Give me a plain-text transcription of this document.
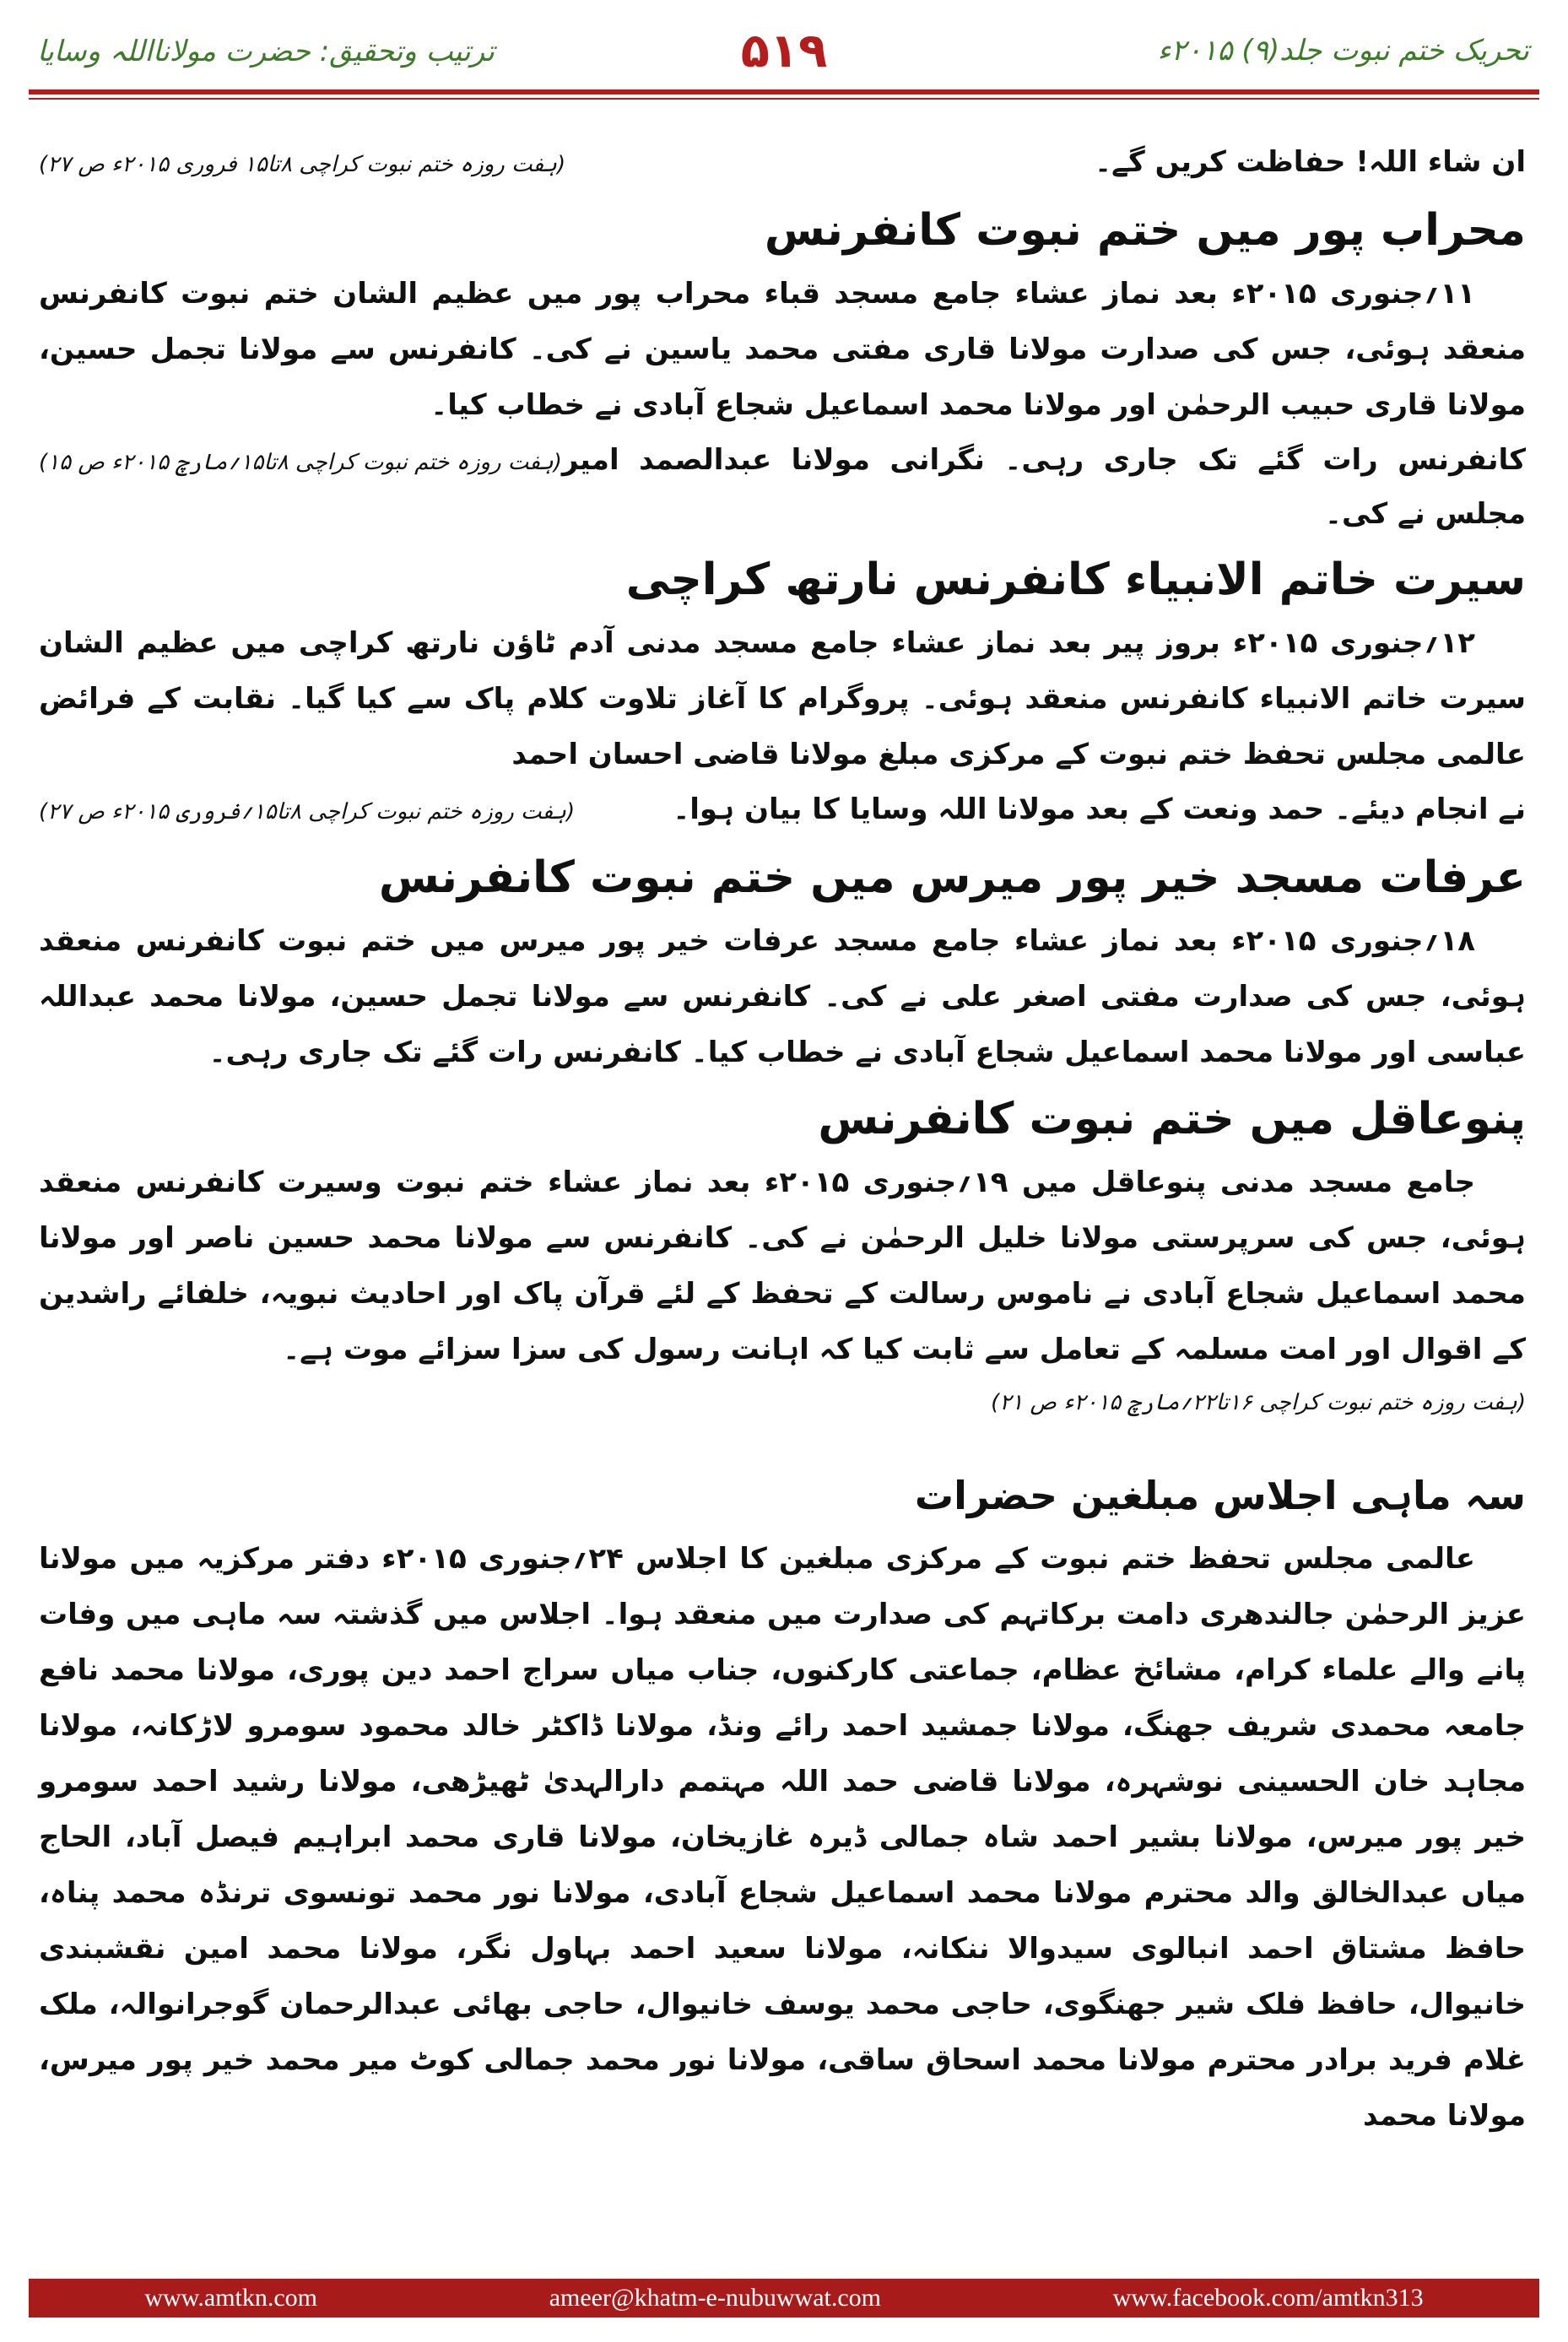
تحریک ختم نبوت جلد(۹) ۲۰۱۵ء
۵۱۹
ترتیب وتحقیق: حضرت مولانااللہ وسایا
ان شاء اللہ! حفاظت کریں گے۔
(ہفت روزہ ختم نبوت کراچی ۸تا۱۵ فروری ۲۰۱۵ء ص ۲۷)
محراب پور میں ختم نبوت کانفرنس

۱۱؍جنوری ۲۰۱۵ء بعد نماز عشاء جامع مسجد قباء محراب پور میں عظیم الشان ختم نبوت کانفرنس منعقد ہوئی، جس کی صدارت مولانا قاری مفتی محمد یاسین نے کی۔ کانفرنس سے مولانا تجمل حسین، مولانا قاری حبیب الرحمٰن اور مولانا محمد اسماعیل شجاع آبادی نے خطاب کیا۔

کانفرنس رات گئے تک جاری رہی۔ نگرانی مولانا عبدالصمد امیر مجلس نے کی۔
(ہفت روزہ ختم نبوت کراچی ۸تا۱۵؍مارچ ۲۰۱۵ء ص ۱۵)
سیرت خاتم الانبیاء کانفرنس نارتھ کراچی

۱۲؍جنوری ۲۰۱۵ء بروز پیر بعد نماز عشاء جامع مسجد مدنی آدم ٹاؤن نارتھ کراچی میں عظیم الشان سیرت خاتم الانبیاء کانفرنس منعقد ہوئی۔ پروگرام کا آغاز تلاوت کلام پاک سے کیا گیا۔ نقابت کے فرائض عالمی مجلس تحفظ ختم نبوت کے مرکزی مبلغ مولانا قاضی احسان احمد

نے انجام دیئے۔ حمد ونعت کے بعد مولانا اللہ وسایا کا بیان ہوا۔
(ہفت روزہ ختم نبوت کراچی ۸تا۱۵؍فروری ۲۰۱۵ء ص ۲۷)
عرفات مسجد خیر پور میرس میں ختم نبوت کانفرنس

۱۸؍جنوری ۲۰۱۵ء بعد نماز عشاء جامع مسجد عرفات خیر پور میرس میں ختم نبوت کانفرنس منعقد ہوئی، جس کی صدارت مفتی اصغر علی نے کی۔ کانفرنس سے مولانا تجمل حسین، مولانا محمد عبداللہ عباسی اور مولانا محمد اسماعیل شجاع آبادی نے خطاب کیا۔ کانفرنس رات گئے تک جاری رہی۔

پنوعاقل میں ختم نبوت کانفرنس

جامع مسجد مدنی پنوعاقل میں ۱۹؍جنوری ۲۰۱۵ء بعد نماز عشاء ختم نبوت وسیرت کانفرنس منعقد ہوئی، جس کی سرپرستی مولانا خلیل الرحمٰن نے کی۔ کانفرنس سے مولانا محمد حسین ناصر اور مولانا محمد اسماعیل شجاع آبادی نے ناموس رسالت کے تحفظ کے لئے قرآن پاک اور احادیث نبویہ، خلفائے راشدین کے اقوال اور امت مسلمہ کے تعامل سے ثابت کیا کہ اہانت رسول کی سزا سزائے موت ہے۔

(ہفت روزہ ختم نبوت کراچی ۱۶تا۲۲؍مارچ ۲۰۱۵ء ص ۲۱)
سہ ماہی اجلاس مبلغین حضرات

عالمی مجلس تحفظ ختم نبوت کے مرکزی مبلغین کا اجلاس ۲۴؍جنوری ۲۰۱۵ء دفتر مرکزیہ میں مولانا عزیز الرحمٰن جالندھری دامت برکاتہم کی صدارت میں منعقد ہوا۔ اجلاس میں گذشتہ سہ ماہی میں وفات پانے والے علماء کرام، مشائخ عظام، جماعتی کارکنوں، جناب میاں سراج احمد دین پوری، مولانا محمد نافع جامعہ محمدی شریف جھنگ، مولانا جمشید احمد رائے ونڈ، مولانا ڈاکٹر خالد محمود سومرو لاڑکانہ، مولانا مجاہد خان الحسینی نوشہرہ، مولانا قاضی حمد اللہ مہتمم دارالہدیٰ ٹھیڑھی، مولانا رشید احمد سومرو خیر پور میرس، مولانا بشیر احمد شاہ جمالی ڈیرہ غازیخان، مولانا قاری محمد ابراہیم فیصل آباد، الحاج میاں عبدالخالق والد محترم مولانا محمد اسماعیل شجاع آبادی، مولانا نور محمد تونسوی ترنڈہ محمد پناہ، حافظ مشتاق احمد انبالوی سیدوالا ننکانہ، مولانا سعید احمد بہاول نگر، مولانا محمد امین نقشبندی خانیوال، حافظ فلک شیر جھنگوی، حاجی محمد یوسف خانیوال، حاجی بھائی عبدالرحمان گوجرانوالہ، ملک غلام فرید برادر محترم مولانا محمد اسحاق ساقی، مولانا نور محمد جمالی کوٹ میر محمد خیر پور میرس، مولانا محمد

www.amtkn.com	ameer@khatm-e-nubuwwat.com	www.facebook.com/amtkn313
